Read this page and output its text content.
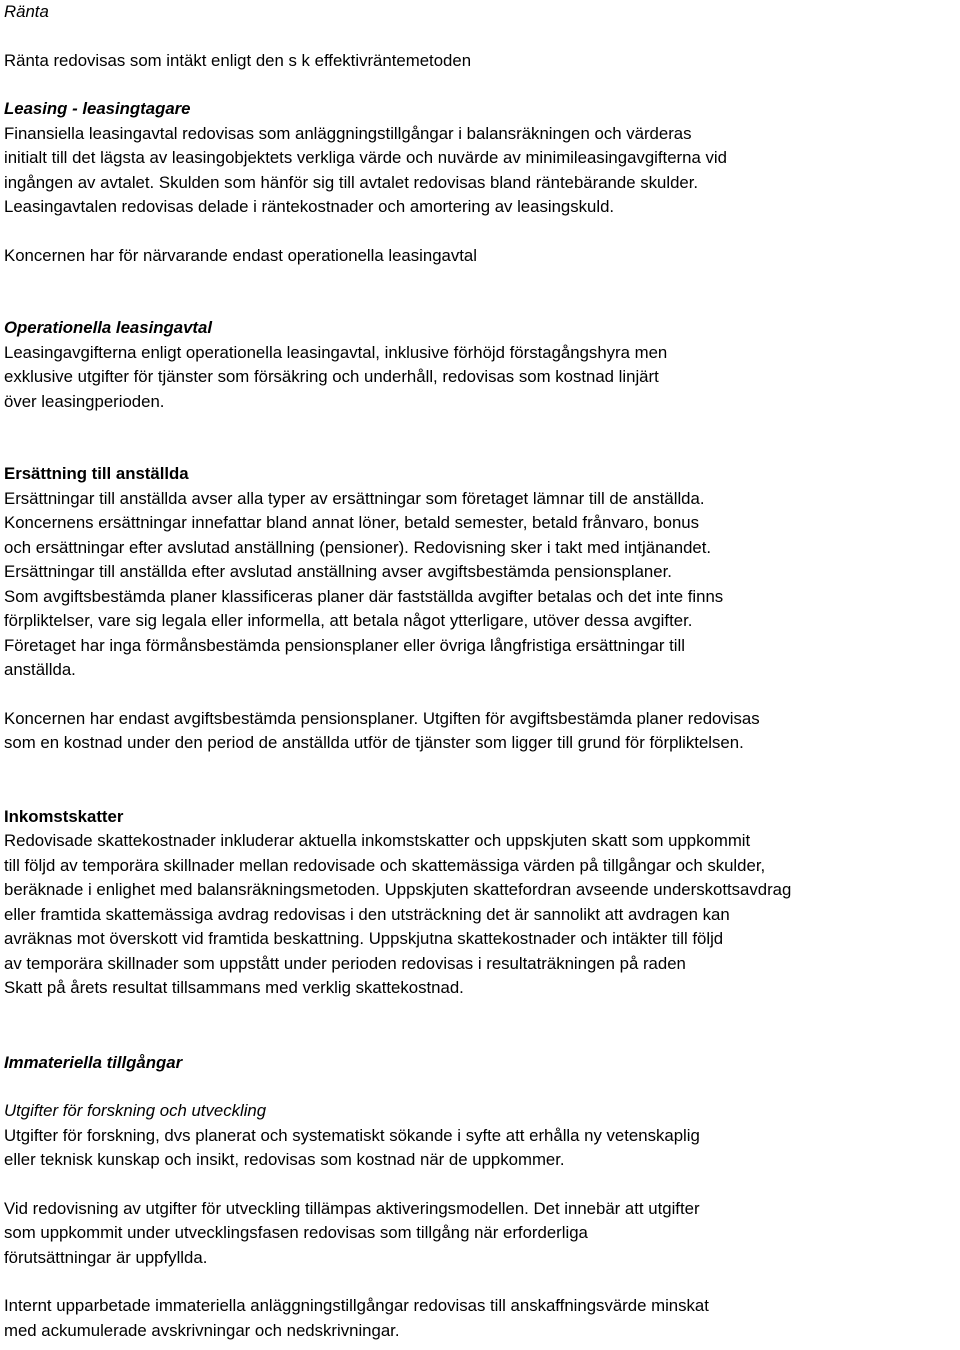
Ränta
Ränta redovisas som intäkt enligt den s k effektivräntemetoden
Leasing - leasingtagare
Finansiella leasingavtal redovisas som anläggningstillgångar i balansräkningen och värderas
initialt till det lägsta av leasingobjektets verkliga värde och nuvärde av minimileasingavgifterna vid
ingången av avtalet. Skulden som hänför sig till avtalet redovisas bland räntebärande skulder.
Leasingavtalen redovisas delade i räntekostnader och amortering av leasingskuld.
Koncernen har för närvarande endast operationella leasingavtal
Operationella leasingavtal
Leasingavgifterna enligt operationella leasingavtal, inklusive förhöjd förstagångshyra men
exklusive utgifter för tjänster som försäkring och underhåll, redovisas som kostnad linjärt
över leasingperioden.
Ersättning till anställda
Ersättningar till anställda avser alla typer av ersättningar som företaget lämnar till de anställda.
Koncernens ersättningar innefattar bland annat löner, betald semester, betald frånvaro, bonus
och ersättningar efter avslutad anställning (pensioner). Redovisning sker i takt med intjänandet.
Ersättningar till anställda efter avslutad anställning avser avgiftsbestämda pensionsplaner.
Som avgiftsbestämda planer klassificeras planer där fastställda avgifter betalas och det inte finns
förpliktelser, vare sig legala eller informella, att betala något ytterligare, utöver dessa avgifter.
Företaget har inga förmånsbestämda pensionsplaner eller övriga långfristiga ersättningar till
anställda.
Koncernen har endast avgiftsbestämda pensionsplaner. Utgiften för avgiftsbestämda planer redovisas
som en kostnad under den period de anställda utför de tjänster som ligger till grund för förpliktelsen.
Inkomstskatter
Redovisade skattekostnader inkluderar aktuella inkomstskatter och uppskjuten skatt som uppkommit
till följd av temporära skillnader mellan redovisade och skattemässiga värden på tillgångar och skulder,
beräknade i enlighet med balansräkningsmetoden. Uppskjuten skattefordran avseende underskottsavdrag
eller framtida skattemässiga avdrag redovisas i den utsträckning det är sannolikt att avdragen kan
avräknas mot överskott vid framtida beskattning. Uppskjutna skattekostnader och intäkter till följd
av temporära skillnader som uppstått under perioden redovisas i resultaträkningen på raden
Skatt på årets resultat tillsammans med verklig skattekostnad.
Immateriella tillgångar
Utgifter för forskning och utveckling
Utgifter för forskning, dvs planerat och systematiskt sökande i syfte att erhålla ny vetenskaplig
eller teknisk kunskap och insikt, redovisas som kostnad när de uppkommer.
Vid redovisning av utgifter för utveckling tillämpas aktiveringsmodellen. Det innebär att utgifter
som uppkommit under utvecklingsfasen redovisas som tillgång när erforderliga
förutsättningar är uppfyllda.
Internt upparbetade immateriella anläggningstillgångar redovisas till anskaffningsvärde minskat
med ackumulerade avskrivningar och nedskrivningar.
